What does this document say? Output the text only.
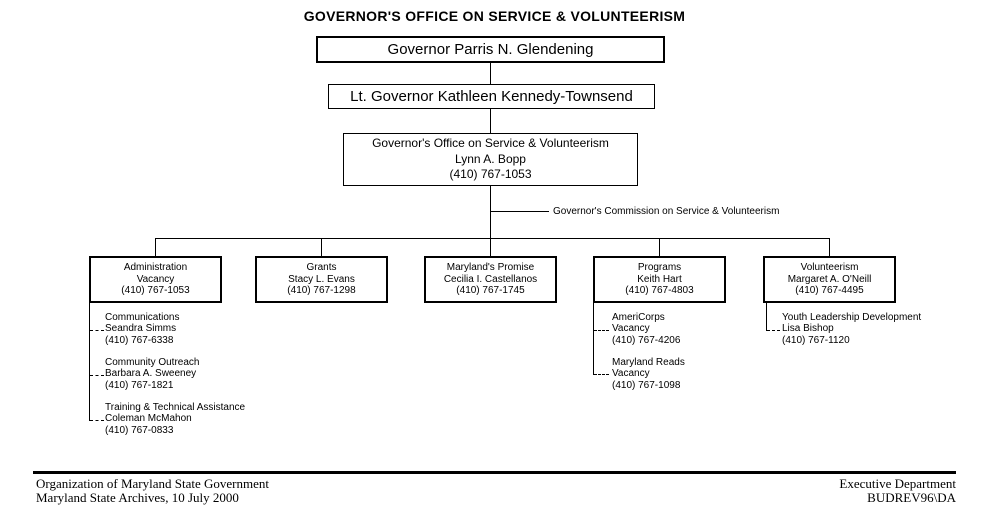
GOVERNOR'S OFFICE ON SERVICE & VOLUNTEERISM
Governor Parris N. Glendening
Lt. Governor Kathleen Kennedy-Townsend
Governor's Office on Service & Volunteerism
Lynn A. Bopp
(410) 767-1053
Governor's Commission on Service & Volunteerism
Administration
Vacancy
(410) 767-1053
Grants
Stacy L. Evans
(410) 767-1298
Maryland's Promise
Cecilia I. Castellanos
(410) 767-1745
Programs
Keith Hart
(410) 767-4803
Volunteerism
Margaret A. O'Neill
(410) 767-4495
Communications
Seandra Simms
(410) 767-6338
Community Outreach
Barbara A. Sweeney
(410) 767-1821
Training & Technical Assistance
Coleman McMahon
(410) 767-0833
AmeriCorps
Vacancy
(410) 767-4206
Maryland Reads
Vacancy
(410) 767-1098
Youth Leadership Development
Lisa Bishop
(410) 767-1120
Organization of Maryland State Government
Maryland State Archives, 10 July 2000
Executive Department
BUDREV96\DA
